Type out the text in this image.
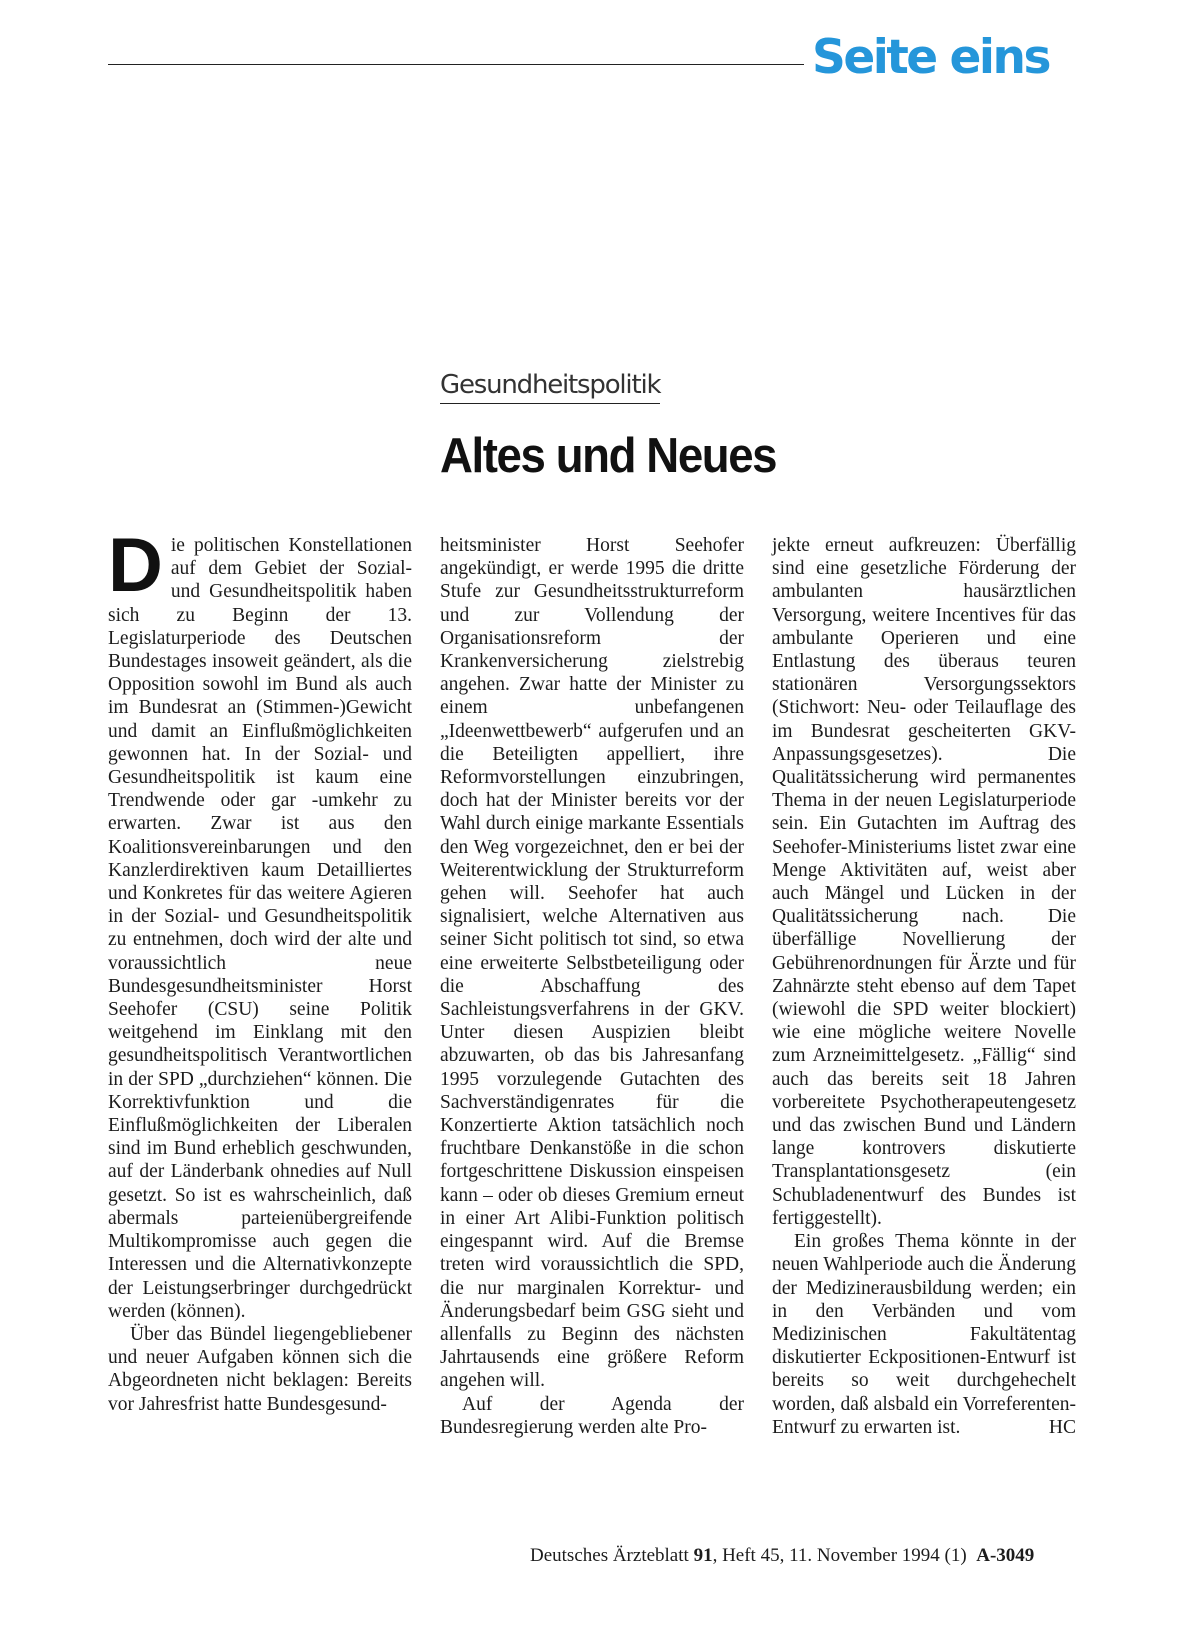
Seite eins
Gesundheitspolitik
Altes und Neues

Die politischen Konstellationen auf dem Gebiet der Sozial- und Gesundheitspolitik haben sich zu Beginn der 13. Legislaturperiode des Deutschen Bundestages insoweit geändert, als die Opposition sowohl im Bund als auch im Bundesrat an (Stimmen-)Gewicht und damit an Einflußmöglichkeiten gewonnen hat. In der Sozial- und Gesundheitspolitik ist kaum eine Trendwende oder gar -umkehr zu erwarten. Zwar ist aus den Koalitionsvereinbarungen und den Kanzlerdirektiven kaum Detailliertes und Konkretes für das weitere Agieren in der Sozial- und Gesundheitspolitik zu entnehmen, doch wird der alte und voraussichtlich neue Bundesgesundheitsminister Horst Seehofer (CSU) seine Politik weitgehend im Einklang mit den gesundheitspolitisch Verantwortlichen in der SPD „durchziehen“ können. Die Korrektivfunktion und die Einflußmöglichkeiten der Liberalen sind im Bund erheblich geschwunden, auf der Länderbank ohnedies auf Null gesetzt. So ist es wahrscheinlich, daß abermals parteienübergreifende Multikompromisse auch gegen die Interessen und die Alternativkonzepte der Leistungserbringer durchgedrückt werden (können).

Über das Bündel liegengebliebener und neuer Aufgaben können sich die Abgeordneten nicht beklagen: Bereits vor Jahresfrist hatte Bundesgesund-

heitsminister Horst Seehofer angekündigt, er werde 1995 die dritte Stufe zur Gesundheitsstrukturreform und zur Vollendung der Organisationsreform der Krankenversicherung zielstrebig angehen. Zwar hatte der Minister zu einem unbefangenen „Ideenwettbewerb“ aufgerufen und an die Beteiligten appelliert, ihre Reformvorstellungen einzubringen, doch hat der Minister bereits vor der Wahl durch einige markante Essentials den Weg vorgezeichnet, den er bei der Weiterentwicklung der Strukturreform gehen will. Seehofer hat auch signalisiert, welche Alternativen aus seiner Sicht politisch tot sind, so etwa eine erweiterte Selbstbeteiligung oder die Abschaffung des Sachleistungsverfahrens in der GKV. Unter diesen Auspizien bleibt abzuwarten, ob das bis Jahresanfang 1995 vorzulegende Gutachten des Sachverständigenrates für die Konzertierte Aktion tatsächlich noch fruchtbare Denkanstöße in die schon fortgeschrittene Diskussion einspeisen kann – oder ob dieses Gremium erneut in einer Art Alibi-Funktion politisch eingespannt wird. Auf die Bremse treten wird voraussichtlich die SPD, die nur marginalen Korrektur- und Änderungsbedarf beim GSG sieht und allenfalls zu Beginn des nächsten Jahrtausends eine größere Reform angehen will.

Auf der Agenda der Bundesregierung werden alte Pro-

jekte erneut aufkreuzen: Überfällig sind eine gesetzliche Förderung der ambulanten hausärztlichen Versorgung, weitere Incentives für das ambulante Operieren und eine Entlastung des überaus teuren stationären Versorgungssektors (Stichwort: Neu- oder Teilauflage des im Bundesrat gescheiterten GKV-Anpassungsgesetzes). Die Qualitätssicherung wird permanentes Thema in der neuen Legislaturperiode sein. Ein Gutachten im Auftrag des Seehofer-Ministeriums listet zwar eine Menge Aktivitäten auf, weist aber auch Mängel und Lücken in der Qualitätssicherung nach. Die überfällige Novellierung der Gebührenordnungen für Ärzte und für Zahnärzte steht ebenso auf dem Tapet (wiewohl die SPD weiter blockiert) wie eine mögliche weitere Novelle zum Arzneimittelgesetz. „Fällig“ sind auch das bereits seit 18 Jahren vorbereitete Psychotherapeutengesetz und das zwischen Bund und Ländern lange kontrovers diskutierte Transplantationsgesetz (ein Schubladenentwurf des Bundes ist fertiggestellt).

Ein großes Thema könnte in der neuen Wahlperiode auch die Änderung der Medizinerausbildung werden; ein in den Verbänden und vom Medizinischen Fakultätentag diskutierter Eckpositionen-Entwurf ist bereits so weit durchgehechelt worden, daß alsbald ein Vorreferenten-Entwurf zu erwarten ist.	HC

Deutsches Ärzteblatt 91, Heft 45, 11. November 1994 (1) A-3049
